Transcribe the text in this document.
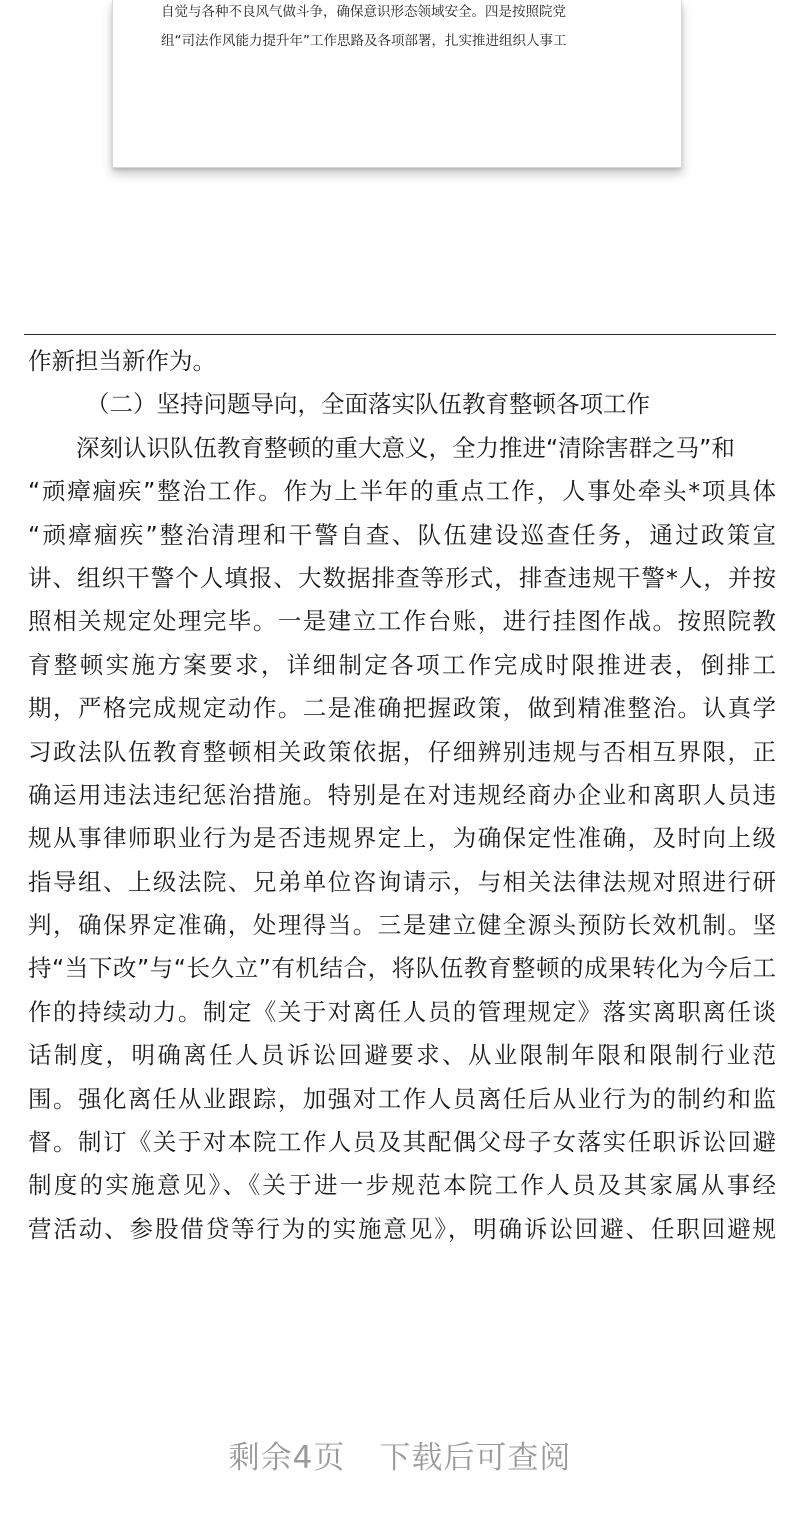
自觉与各种不良风气做斗争，确保意识形态领域安全。四是按照院党
组“司法作风能力提升年”工作思路及各项部署，扎实推进组织人事工
作新担当新作为。
（二）坚持问题导向，全面落实队伍教育整顿各项工作
深刻认识队伍教育整顿的重大意义，全力推进“清除害群之马”和
“顽瘴痼疾”整治工作。作为上半年的重点工作，人事处牵头*项具体
“顽瘴痼疾”整治清理和干警自查、队伍建设巡查任务，通过政策宣
讲、组织干警个人填报、大数据排查等形式，排查违规干警*人，并按
照相关规定处理完毕。一是建立工作台账，进行挂图作战。按照院教
育整顿实施方案要求，详细制定各项工作完成时限推进表，倒排工
期，严格完成规定动作。二是准确把握政策，做到精准整治。认真学
习政法队伍教育整顿相关政策依据，仔细辨别违规与否相互界限，正
确运用违法违纪惩治措施。特别是在对违规经商办企业和离职人员违
规从事律师职业行为是否违规界定上，为确保定性准确，及时向上级
指导组、上级法院、兄弟单位咨询请示，与相关法律法规对照进行研
判，确保界定准确，处理得当。三是建立健全源头预防长效机制。坚
持“当下改”与“长久立”有机结合，将队伍教育整顿的成果转化为今后工
作的持续动力。制定《关于对离任人员的管理规定》落实离职离任谈
话制度，明确离任人员诉讼回避要求、从业限制年限和限制行业范
围。强化离任从业跟踪，加强对工作人员离任后从业行为的制约和监
督。制订《关于对本院工作人员及其配偶父母子女落实任职诉讼回避
制度的实施意见》、《关于进一步规范本院工作人员及其家属从事经
营活动、参股借贷等行为的实施意见》，明确诉讼回避、任职回避规
剩余4页 下载后可查阅
